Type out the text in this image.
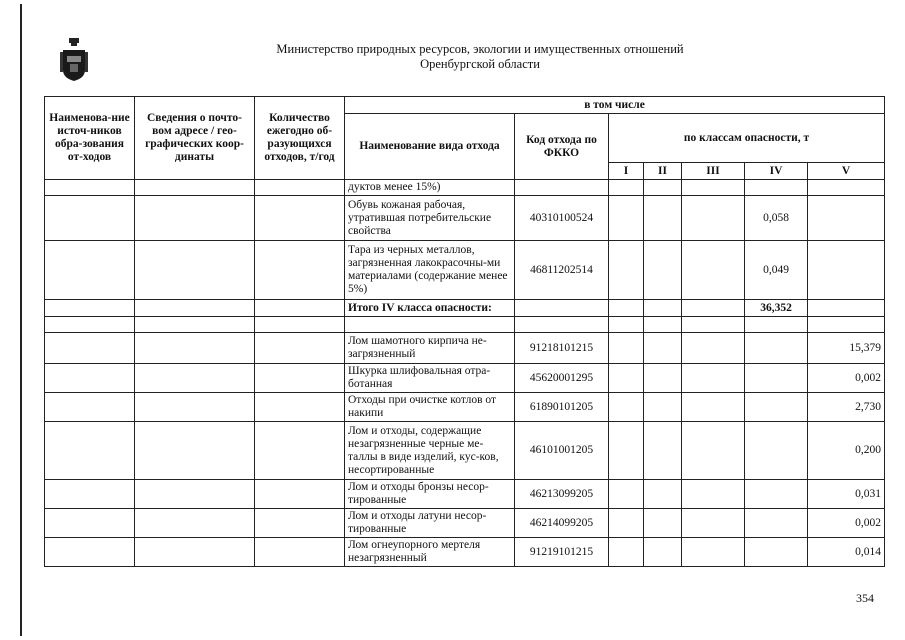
Министерство природных ресурсов, экологии и имущественных отношений
Оренбургской области
Наименова-ние источ-ников обра-зования от-ходов	Сведения о почто-вом адресе / гео-графических коор-динаты	Количество ежегодно об-разующихся отходов, т/год	в том числе						
			Наименование вида отхода	Код отхода по ФККО	по классам опасности, т				
					I	II	III	IV	V
			дуктов менее 15%)						
			Обувь кожаная рабочая, утратившая потребительские свойства	40310100524				0,058	
			Тара из черных металлов, загрязненная лакокрасочны-ми материалами (содержание менее 5%)	46811202514				0,049	
			Итого IV класса опасности:					36,352	

			Лом шамотного кирпича не-загрязненный	91218101215					15,379
			Шкурка шлифовальная отра-ботанная	45620001295					0,002
			Отходы при очистке котлов от накипи	61890101205					2,730
			Лом и отходы, содержащие незагрязненные черные ме-таллы в виде изделий, кус-ков, несортированные	46101001205					0,200
			Лом и отходы бронзы несор-тированные	46213099205					0,031
			Лом и отходы латуни несор-тированные	46214099205					0,002
			Лом огнеупорного мертеля незагрязненный	91219101215					0,014
354
